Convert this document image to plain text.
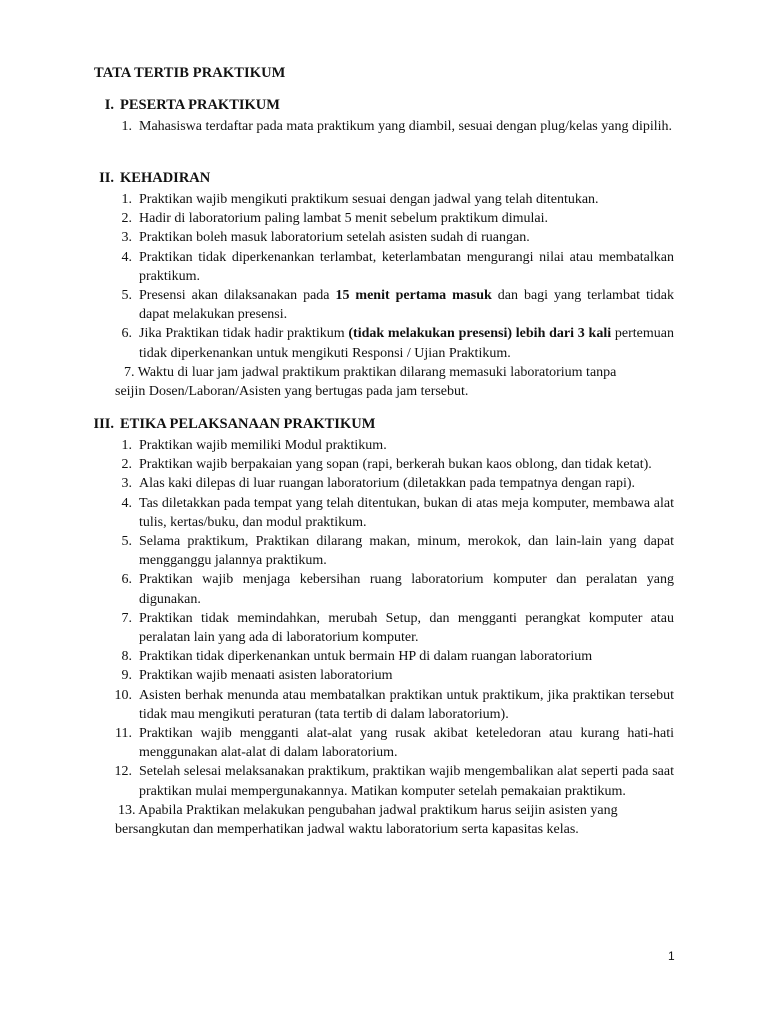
TATA TERTIB PRAKTIKUM
I. PESERTA PRAKTIKUM
1. Mahasiswa terdaftar pada mata praktikum yang diambil, sesuai dengan plug/kelas yang dipilih.
II. KEHADIRAN
1. Praktikan wajib mengikuti praktikum sesuai dengan jadwal yang telah ditentukan.
2. Hadir di laboratorium paling lambat 5 menit sebelum praktikum dimulai.
3. Praktikan boleh masuk laboratorium setelah asisten sudah di ruangan.
4. Praktikan tidak diperkenankan terlambat, keterlambatan mengurangi nilai atau membatalkan praktikum.
5. Presensi akan dilaksanakan pada 15 menit pertama masuk dan bagi yang terlambat tidak dapat melakukan presensi.
6. Jika Praktikan tidak hadir praktikum (tidak melakukan presensi) lebih dari 3 kali pertemuan tidak diperkenankan untuk mengikuti Responsi / Ujian Praktikum.
7. Waktu di luar jam jadwal praktikum praktikan dilarang memasuki laboratorium tanpa
seijin Dosen/Laboran/Asisten yang bertugas pada jam tersebut.
III. ETIKA PELAKSANAAN PRAKTIKUM
1. Praktikan wajib memiliki Modul praktikum.
2. Praktikan wajib berpakaian yang sopan (rapi, berkerah bukan kaos oblong, dan tidak ketat).
3. Alas kaki dilepas di luar ruangan laboratorium (diletakkan pada tempatnya dengan rapi).
4. Tas diletakkan pada tempat yang telah ditentukan, bukan di atas meja komputer, membawa alat tulis, kertas/buku, dan modul praktikum.
5. Selama praktikum, Praktikan dilarang makan, minum, merokok, dan lain-lain yang dapat mengganggu jalannya praktikum.
6. Praktikan wajib menjaga kebersihan ruang laboratorium komputer dan peralatan yang digunakan.
7. Praktikan tidak memindahkan, merubah Setup, dan mengganti perangkat komputer atau peralatan lain yang ada di laboratorium komputer.
8. Praktikan tidak diperkenankan untuk bermain HP di dalam ruangan laboratorium
9. Praktikan wajib menaati asisten laboratorium
10. Asisten berhak menunda atau membatalkan praktikan untuk praktikum, jika praktikan tersebut tidak mau mengikuti peraturan (tata tertib di dalam laboratorium).
11. Praktikan wajib mengganti alat-alat yang rusak akibat keteledoran atau kurang hati-hati menggunakan alat-alat di dalam laboratorium.
12. Setelah selesai melaksanakan praktikum, praktikan wajib mengembalikan alat seperti pada saat praktikan mulai mempergunakannya. Matikan komputer setelah pemakaian praktikum.
13. Apabila Praktikan melakukan pengubahan jadwal praktikum harus seijin asisten yang
bersangkutan dan memperhatikan jadwal waktu laboratorium serta kapasitas kelas.
1
